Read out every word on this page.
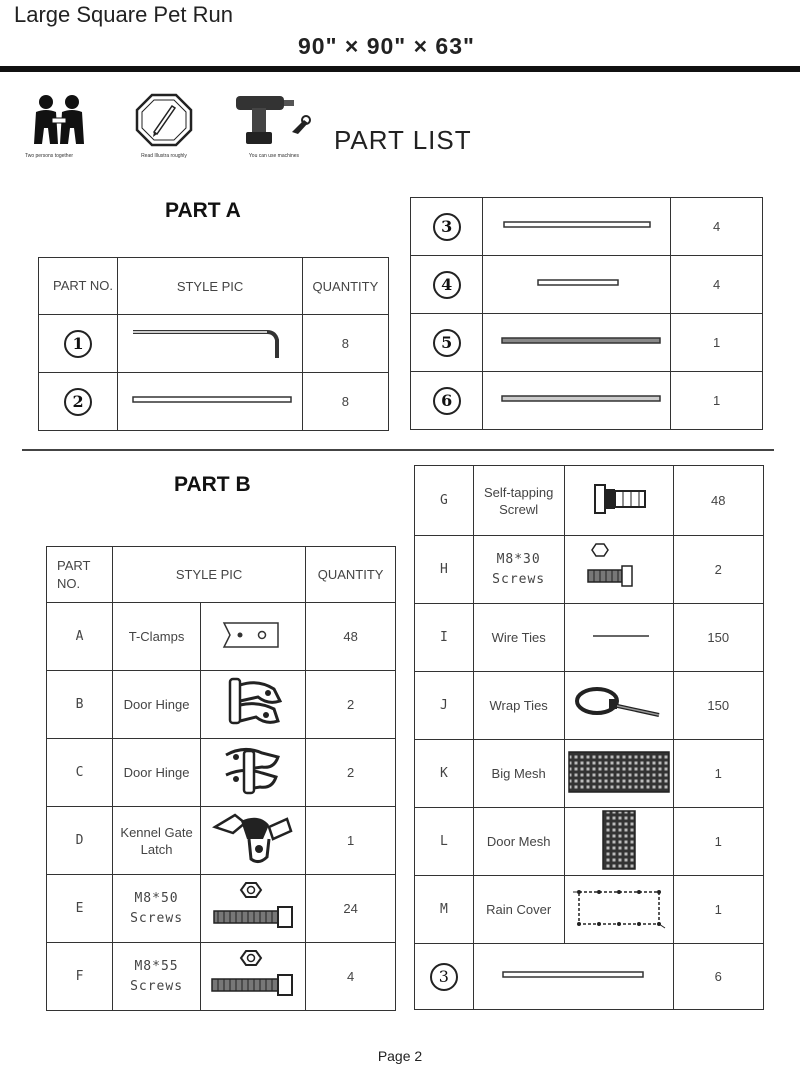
Large Square Pet Run
90" × 90" × 63"
Two persons together	Read Illustra roughly	You can use machines
PART LIST
PART A
PART NO.	STYLE PIC	QUANTITY
1		8
2		8
3		4
4		4
5		1
6		1
PART B
PART NO.	STYLE PIC		QUANTITY
A	T-Clamps		48
B	Door Hinge		2
C	Door Hinge		2
D	Kennel Gate Latch		1
E	M8*50 Screws		24
F	M8*55 Screws		4
G	Self-tapping Screwl		48
H	M8*30 Screws		2
I	Wire Ties		150
J	Wrap Ties		150
K	Big Mesh		1
L	Door Mesh		1
M	Rain Cover		1
3			6
Page 2
